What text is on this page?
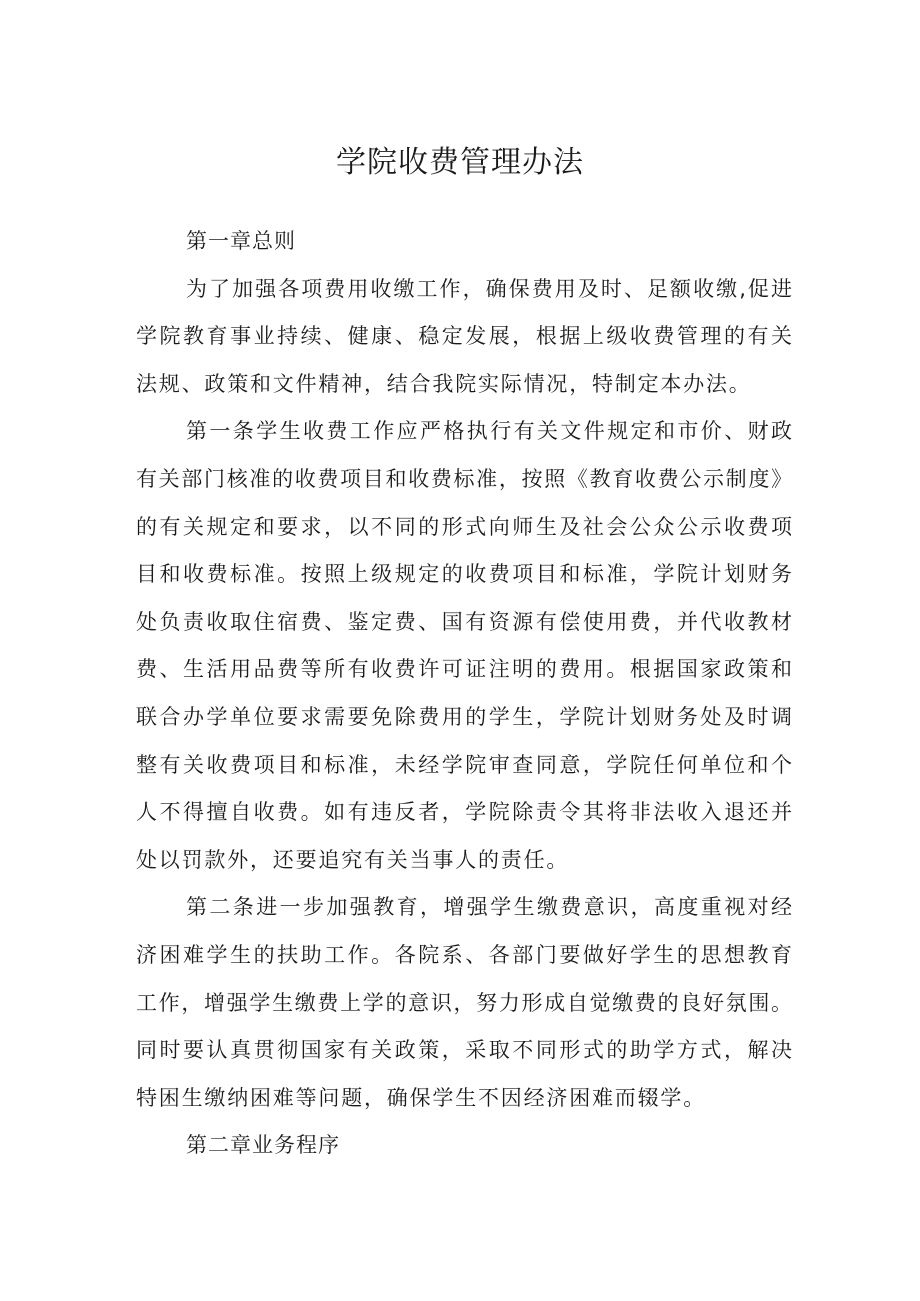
学院收费管理办法
第一章总则
为了加强各项费用收缴工作，确保费用及时、足额收缴,促进
学院教育事业持续、健康、稳定发展，根据上级收费管理的有关
法规、政策和文件精神，结合我院实际情况，特制定本办法。
第一条学生收费工作应严格执行有关文件规定和市价、财政
有关部门核准的收费项目和收费标准，按照《教育收费公示制度》
的有关规定和要求，以不同的形式向师生及社会公众公示收费项
目和收费标准。按照上级规定的收费项目和标准，学院计划财务
处负责收取住宿费、鉴定费、国有资源有偿使用费，并代收教材
费、生活用品费等所有收费许可证注明的费用。根据国家政策和
联合办学单位要求需要免除费用的学生，学院计划财务处及时调
整有关收费项目和标准，未经学院审查同意，学院任何单位和个
人不得擅自收费。如有违反者，学院除责令其将非法收入退还并
处以罚款外，还要追究有关当事人的责任。
第二条进一步加强教育，增强学生缴费意识，高度重视对经
济困难学生的扶助工作。各院系、各部门要做好学生的思想教育
工作，增强学生缴费上学的意识，努力形成自觉缴费的良好氛围。
同时要认真贯彻国家有关政策，采取不同形式的助学方式，解决
特困生缴纳困难等问题，确保学生不因经济困难而辍学。
第二章业务程序
